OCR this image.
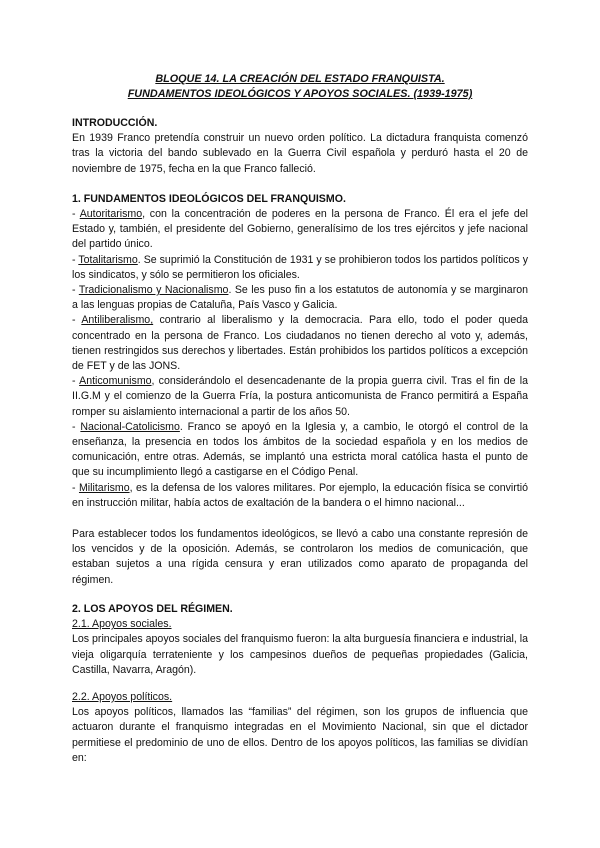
BLOQUE 14. LA CREACIÓN DEL ESTADO FRANQUISTA.
FUNDAMENTOS IDEOLÓGICOS Y APOYOS SOCIALES. (1939-1975)
INTRODUCCIÓN.

En 1939 Franco pretendía construir un nuevo orden político. La dictadura franquista comenzó tras la victoria del bando sublevado en la Guerra Civil española y perduró hasta el 20 de noviembre de 1975, fecha en la que Franco falleció.

1. FUNDAMENTOS IDEOLÓGICOS DEL FRANQUISMO.

- Autoritarismo, con la concentración de poderes en la persona de Franco. Él era el jefe del Estado y, también, el presidente del Gobierno, generalísimo de los tres ejércitos y jefe nacional del partido único.

- Totalitarismo. Se suprimió la Constitución de 1931 y se prohibieron todos los partidos políticos y los sindicatos, y sólo se permitieron los oficiales.

- Tradicionalismo y Nacionalismo. Se les puso fin a los estatutos de autonomía y se marginaron a las lenguas propias de Cataluña, País Vasco y Galicia.

- Antiliberalismo, contrario al liberalismo y la democracia. Para ello, todo el poder queda concentrado en la persona de Franco. Los ciudadanos no tienen derecho al voto y, además, tienen restringidos sus derechos y libertades. Están prohibidos los partidos políticos a excepción de FET y de las JONS.

- Anticomunismo, considerándolo el desencadenante de la propia guerra civil. Tras el fin de la II.G.M y el comienzo de la Guerra Fría, la postura anticomunista de Franco permitirá a España romper su aislamiento internacional a partir de los años 50.

- Nacional-Catolicismo. Franco se apoyó en la Iglesia y, a cambio, le otorgó el control de la enseñanza, la presencia en todos los ámbitos de la sociedad española y en los medios de comunicación, entre otras. Además, se implantó una estricta moral católica hasta el punto de que su incumplimiento llegó a castigarse en el Código Penal.

- Militarismo, es la defensa de los valores militares. Por ejemplo, la educación física se convirtió en instrucción militar, había actos de exaltación de la bandera o el himno nacional...

Para establecer todos los fundamentos ideológicos, se llevó a cabo una constante represión de los vencidos y de la oposición. Además, se controlaron los medios de comunicación, que estaban sujetos a una rígida censura y eran utilizados como aparato de propaganda del régimen.

2. LOS APOYOS DEL RÉGIMEN.
2.1. Apoyos sociales.

Los principales apoyos sociales del franquismo fueron: la alta burguesía financiera e industrial, la vieja oligarquía terrateniente y los campesinos dueños de pequeñas propiedades (Galicia, Castilla, Navarra, Aragón).

2.2. Apoyos políticos.

Los apoyos políticos, llamados las “familias” del régimen, son los grupos de influencia que actuaron durante el franquismo integradas en el Movimiento Nacional, sin que el dictador permitiese el predominio de uno de ellos. Dentro de los apoyos políticos, las familias se dividían en:
